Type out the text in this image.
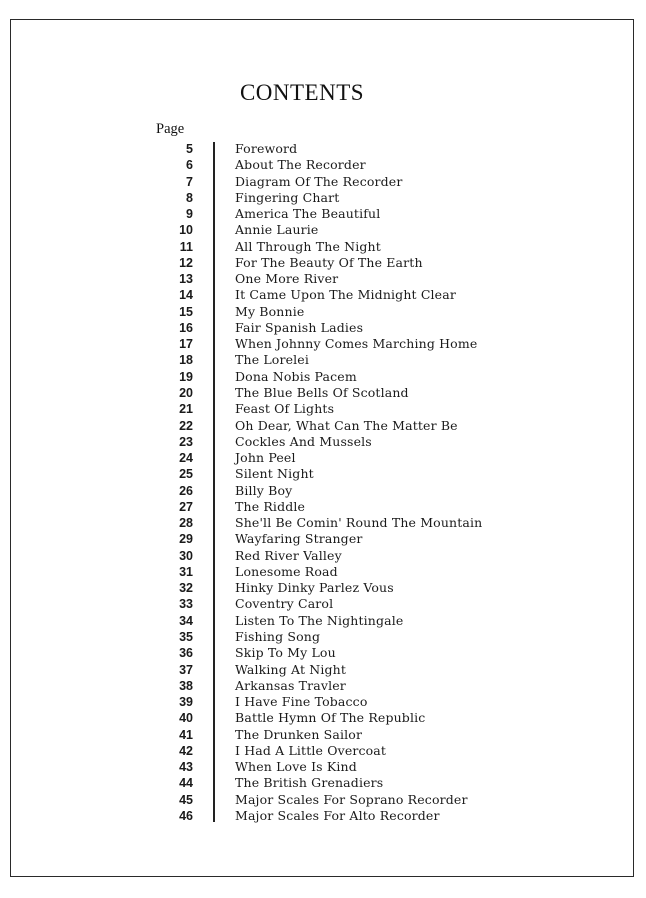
CONTENTS
Page
5	Foreword
6	About The Recorder
7	Diagram Of The Recorder
8	Fingering Chart
9	America The Beautiful
10	Annie Laurie
11	All Through The Night
12	For The Beauty Of The Earth
13	One More River
14	It Came Upon The Midnight Clear
15	My Bonnie
16	Fair Spanish Ladies
17	When Johnny Comes Marching Home
18	The Lorelei
19	Dona Nobis Pacem
20	The Blue Bells Of Scotland
21	Feast Of Lights
22	Oh Dear, What Can The Matter Be
23	Cockles And Mussels
24	John Peel
25	Silent Night
26	Billy Boy
27	The Riddle
28	She'll Be Comin' Round The Mountain
29	Wayfaring Stranger
30	Red River Valley
31	Lonesome Road
32	Hinky Dinky Parlez Vous
33	Coventry Carol
34	Listen To The Nightingale
35	Fishing Song
36	Skip To My Lou
37	Walking At Night
38	Arkansas Travler
39	I Have Fine Tobacco
40	Battle Hymn Of The Republic
41	The Drunken Sailor
42	I Had A Little Overcoat
43	When Love Is Kind
44	The British Grenadiers
45	Major Scales For Soprano Recorder
46	Major Scales For Alto Recorder
